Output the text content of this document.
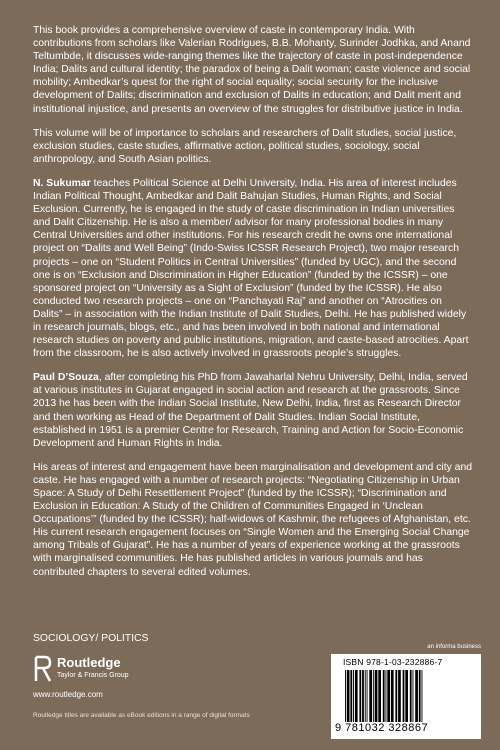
This book provides a comprehensive overview of caste in contemporary India. With contributions from scholars like Valerian Rodrigues, B.B. Mohanty, Surinder Jodhka, and Anand Teltumbde, it discusses wide-ranging themes like the trajectory of caste in post-independence India; Dalits and cultural identity; the paradox of being a Dalit woman; caste violence and social mobility; Ambedkar’s quest for the right of social equality; social security for the inclusive development of Dalits; discrimination and exclusion of Dalits in education; and Dalit merit and institutional injustice, and presents an overview of the struggles for distributive justice in India.

This volume will be of importance to scholars and researchers of Dalit studies, social justice, exclusion studies, caste studies, affirmative action, political studies, sociology, social anthropology, and South Asian politics.

N. Sukumar teaches Political Science at Delhi University, India. His area of interest includes Indian Political Thought, Ambedkar and Dalit Bahujan Studies, Human Rights, and Social Exclusion. Currently, he is engaged in the study of caste discrimination in Indian universities and Dalit Citizenship. He is also a member/ advisor for many professional bodies in many Central Universities and other institutions. For his research credit he owns one international project on “Dalits and Well Being” (Indo-Swiss ICSSR Research Project), two major research projects – one on “Student Politics in Central Universities” (funded by UGC), and the second one is on “Exclusion and Discrimination in Higher Education” (funded by the ICSSR) – one sponsored project on “University as a Sight of Exclusion” (funded by the ICSSR). He also conducted two research projects – one on “Panchayati Raj” and another on “Atrocities on Dalits” – in association with the Indian Institute of Dalit Studies, Delhi. He has published widely in research journals, blogs, etc., and has been involved in both national and international research studies on poverty and public institutions, migration, and caste-based atrocities. Apart from the classroom, he is also actively involved in grassroots people’s struggles.

Paul D’Souza, after completing his PhD from Jawaharlal Nehru University, Delhi, India, served at various institutes in Gujarat engaged in social action and research at the grassroots. Since 2013 he has been with the Indian Social Institute, New Delhi, India, first as Research Director and then working as Head of the Department of Dalit Studies. Indian Social Institute, established in 1951 is a premier Centre for Research, Training and Action for Socio-Economic Development and Human Rights in India.

His areas of interest and engagement have been marginalisation and development and city and caste. He has engaged with a number of research projects: “Negotiating Citizenship in Urban Space: A Study of Delhi Resettlement Project” (funded by the ICSSR); “Discrimination and Exclusion in Education: A Study of the Children of Communities Engaged in ‘Unclean Occupations’” (funded by the ICSSR); half-widows of Kashmir, the refugees of Afghanistan, etc. His current research engagement focuses on “Single Women and the Emerging Social Change among Tribals of Gujarat”. He has a number of years of experience working at the grassroots with marginalised communities. He has published articles in various journals and has contributed chapters to several edited volumes.

SOCIOLOGY/ POLITICS
Routledge
Taylor & Francis Group
www.routledge.com
Routledge titles are available as eBook editions in a range of digital formats
an informa business
ISBN 978-1-03-232886-7
9 781032 328867
